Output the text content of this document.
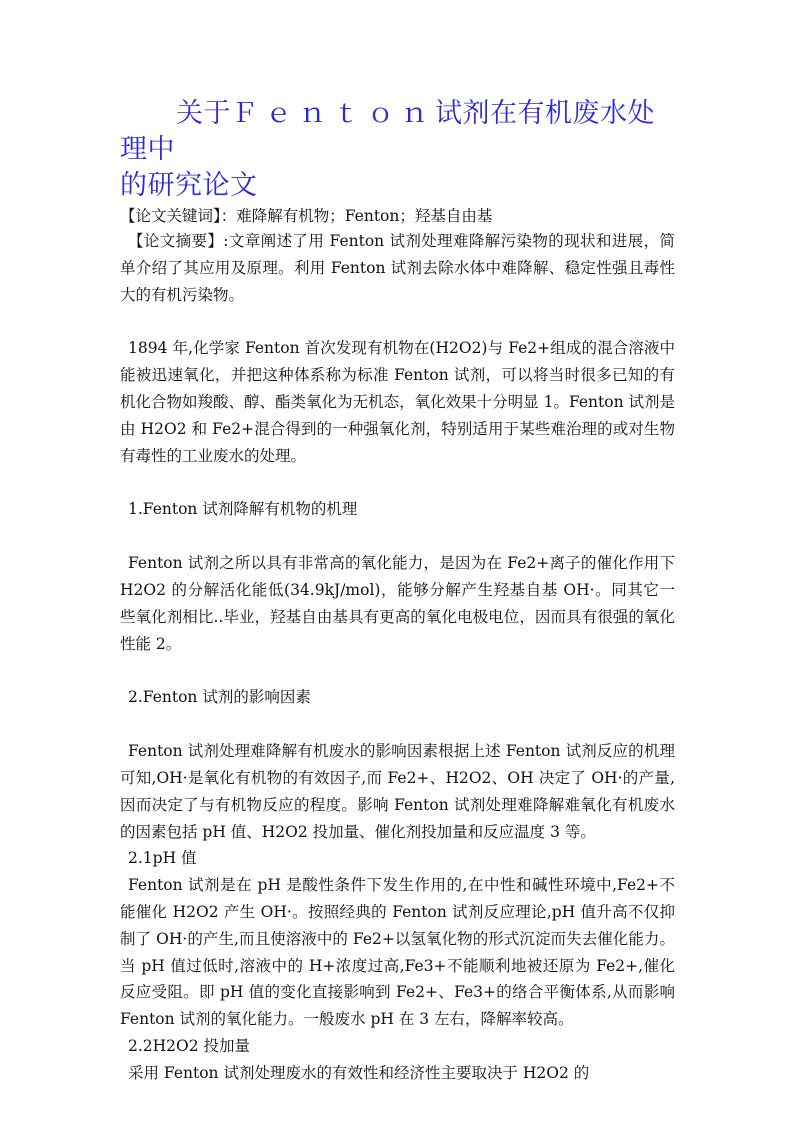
关于Ｆｅｎｔｏｎ试剂在有机废水处理中
的研究论文

【论文关键词】：难降解有机物；Fenton；羟基自由基

【论文摘要】:文章阐述了用 Fenton 试剂处理难降解污染物的现状和进展，简单介绍了其应用及原理。利用 Fenton 试剂去除水体中难降解、稳定性强且毒性大的有机污染物。

1894 年,化学家 Fenton 首次发现有机物在(H2O2)与 Fe2+组成的混合溶液中能被迅速氧化，并把这种体系称为标准 Fenton 试剂，可以将当时很多已知的有机化合物如羧酸、醇、酯类氧化为无机态，氧化效果十分明显 1。Fenton 试剂是由 H2O2 和 Fe2+混合得到的一种强氧化剂，特别适用于某些难治理的或对生物有毒性的工业废水的处理。

1.Fenton 试剂降解有机物的机理

Fenton 试剂之所以具有非常高的氧化能力，是因为在 Fe2+离子的催化作用下 H2O2 的分解活化能低(34.9kJ/mol)，能够分解产生羟基自基 OH·。同其它一些氧化剂相比..毕业，羟基自由基具有更高的氧化电极电位，因而具有很强的氧化性能 2。

2.Fenton 试剂的影响因素

Fenton 试剂处理难降解有机废水的影响因素根据上述 Fenton 试剂反应的机理可知,OH·是氧化有机物的有效因子,而 Fe2+、H2O2、OH 决定了 OH·的产量,因而决定了与有机物反应的程度。影响 Fenton 试剂处理难降解难氧化有机废水的因素包括 pH 值、H2O2 投加量、催化剂投加量和反应温度 3 等。

2.1pH 值

Fenton 试剂是在 pH 是酸性条件下发生作用的,在中性和碱性环境中,Fe2+不能催化 H2O2 产生 OH·。按照经典的 Fenton 试剂反应理论,pH 值升高不仅抑制了 OH·的产生,而且使溶液中的 Fe2+以氢氧化物的形式沉淀而失去催化能力。当 pH 值过低时,溶液中的 H+浓度过高,Fe3+不能顺利地被还原为 Fe2+,催化反应受阻。即 pH 值的变化直接影响到 Fe2+、Fe3+的络合平衡体系,从而影响 Fenton 试剂的氧化能力。一般废水 pH 在 3 左右，降解率较高。

2.2H2O2 投加量

采用 Fenton 试剂处理废水的有效性和经济性主要取决于 H2O2 的
